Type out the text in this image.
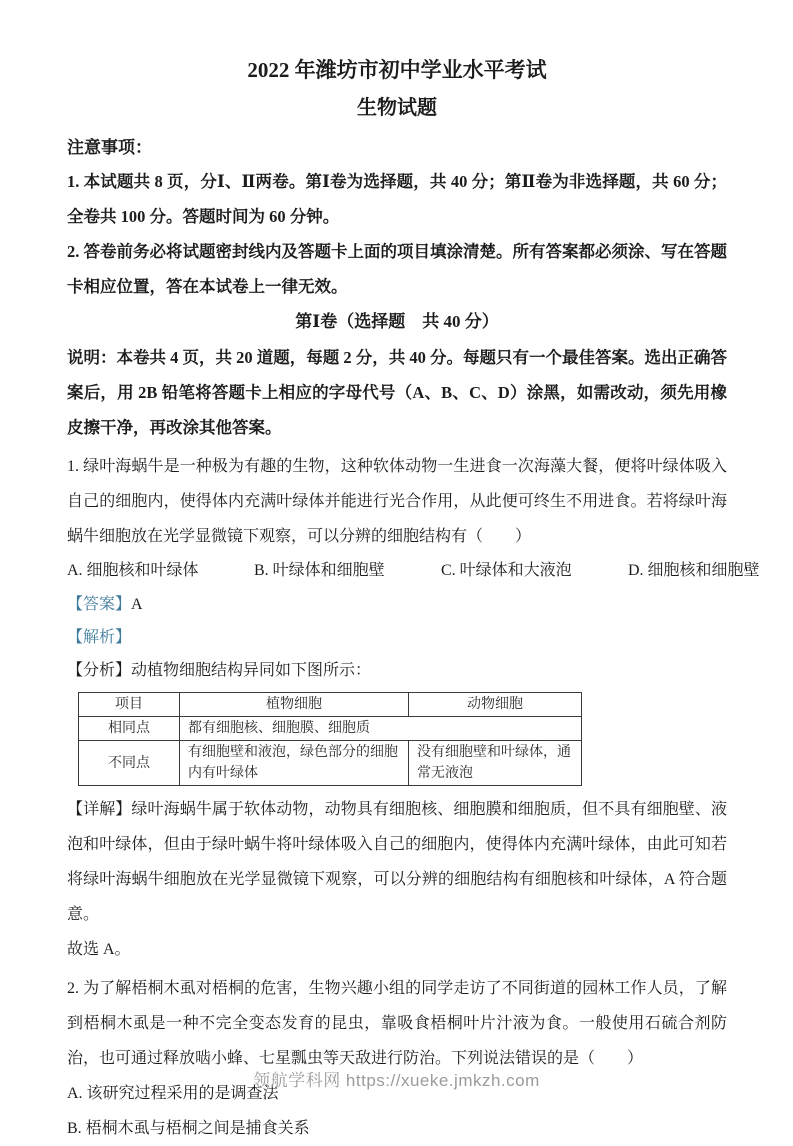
2022 年潍坊市初中学业水平考试
生物试题

注意事项：

1. 本试题共 8 页，分Ⅰ、Ⅱ两卷。第Ⅰ卷为选择题，共 40 分；第Ⅱ卷为非选择题，共 60 分；全卷共 100 分。答题时间为 60 分钟。

2. 答卷前务必将试题密封线内及答题卡上面的项目填涂清楚。所有答案都必须涂、写在答题卡相应位置，答在本试卷上一律无效。

第Ⅰ卷（选择题　共 40 分）

说明：本卷共 4 页，共 20 道题，每题 2 分，共 40 分。每题只有一个最佳答案。选出正确答案后，用 2B 铅笔将答题卡上相应的字母代号（A、B、C、D）涂黑，如需改动，须先用橡皮擦干净，再改涂其他答案。

1. 绿叶海蜗牛是一种极为有趣的生物，这种软体动物一生进食一次海藻大餐，便将叶绿体吸入自己的细胞内，使得体内充满叶绿体并能进行光合作用，从此便可终生不用进食。若将绿叶海蜗牛细胞放在光学显微镜下观察，可以分辨的细胞结构有（　　）

A. 细胞核和叶绿体	B. 叶绿体和细胞壁	C. 叶绿体和大液泡	D. 细胞核和细胞壁

【答案】A

【解析】

【分析】动植物细胞结构异同如下图所示：

项目	植物细胞	动物细胞
相同点	都有细胞核、细胞膜、细胞质	
不同点	有细胞壁和液泡，绿色部分的细胞内有叶绿体	没有细胞壁和叶绿体，通常无液泡

【详解】绿叶海蜗牛属于软体动物，动物具有细胞核、细胞膜和细胞质，但不具有细胞壁、液泡和叶绿体，但由于绿叶蜗牛将叶绿体吸入自己的细胞内，使得体内充满叶绿体，由此可知若将绿叶海蜗牛细胞放在光学显微镜下观察，可以分辨的细胞结构有细胞核和叶绿体，A 符合题意。

故选 A。

2. 为了解梧桐木虱对梧桐的危害，生物兴趣小组的同学走访了不同街道的园林工作人员，了解到梧桐木虱是一种不完全变态发育的昆虫，靠吸食梧桐叶片汁液为食。一般使用石硫合剂防治，也可通过释放啮小蜂、七星瓢虫等天敌进行防治。下列说法错误的是（　　）

A. 该研究过程采用的是调查法

B. 梧桐木虱与梧桐之间是捕食关系

领航学科网 https://xueke.jmkzh.com
